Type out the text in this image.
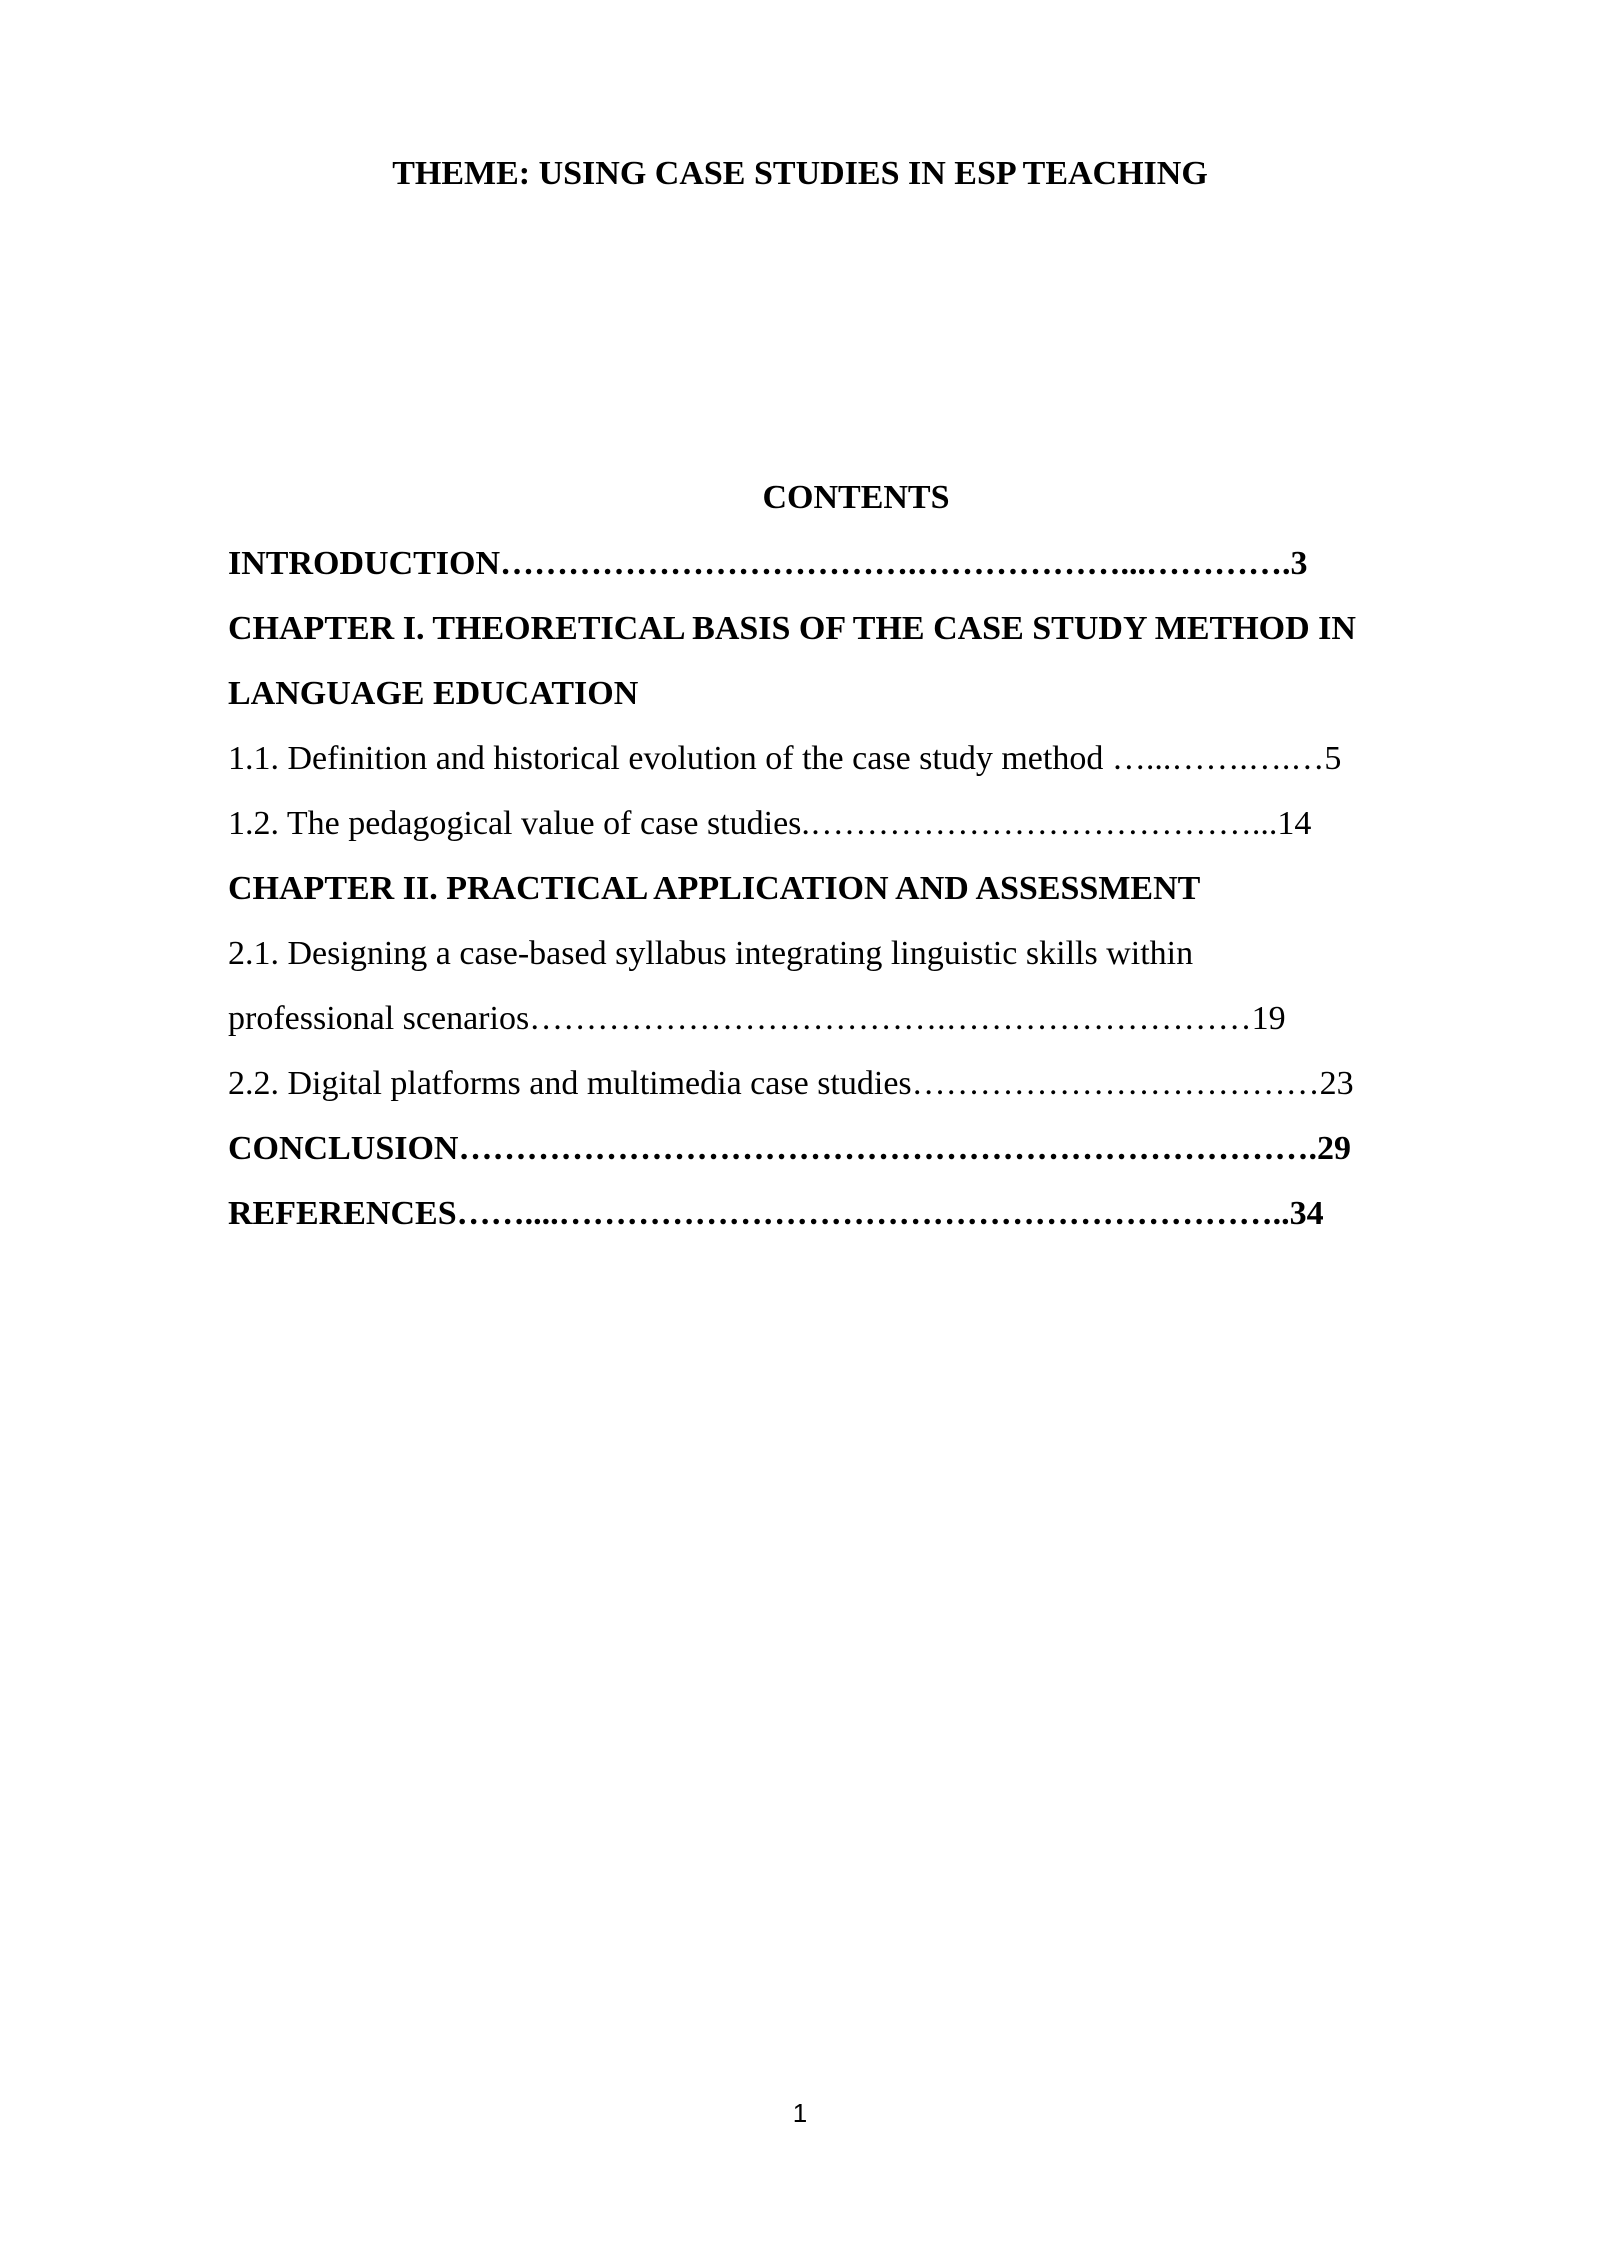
THEME: USING CASE STUDIES IN ESP TEACHING
CONTENTS
INTRODUCTION……………………………….………………...………….3
CHAPTER I. THEORETICAL BASIS OF THE CASE STUDY METHOD IN
LANGUAGE EDUCATION
1.1. Definition and historical evolution of the case study method …...…….….…5
1.2. The pedagogical value of case studies.…………………………………...14
CHAPTER II. PRACTICAL APPLICATION AND ASSESSMENT
2.1. Designing a case-based syllabus integrating linguistic skills within
professional scenarios……………………………….………………………19
2.2. Digital platforms and multimedia case studies………………………………23
CONCLUSION………………………………………………………………….29
REFERENCES……....………………………………………………………..34
1
